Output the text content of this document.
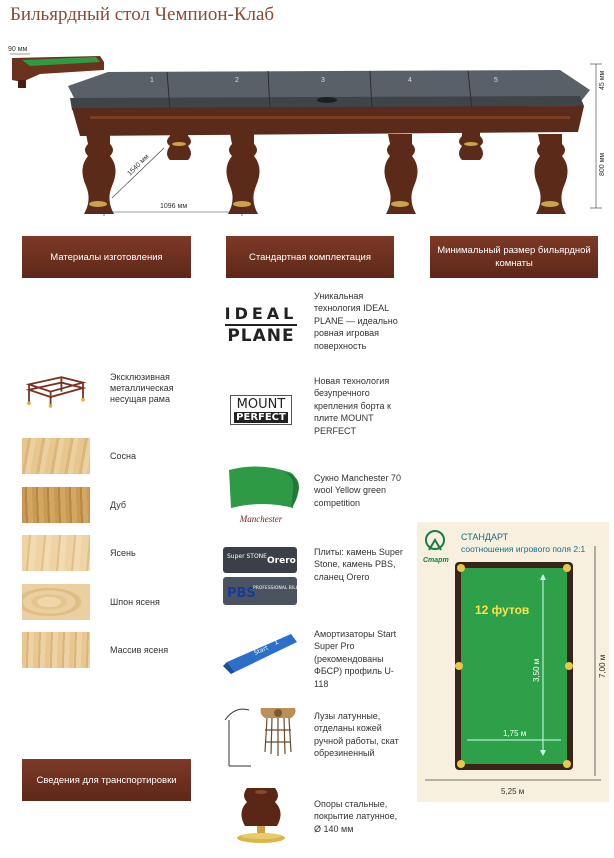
Бильярдный стол Чемпион-Клаб
90 мм
1	2	3	4	5	45 мм
800 мм
1540 мм
1096 мм
Материалы изготовления	Стандартная комплектация
Минимальный размер бильярдной комнаты
Эксклюзивная металлическая несущая рама
Сосна
Дуб
Ясень
Шпон ясеня
Массив ясеня
Сведения для транспортировки
IDEAL
PLANE
Уникальная технология IDEAL PLANE — идеально ровная игровая поверхность
MOUNT
PERFECT
Новая технология безупречного крепления борта к плите MOUNT PERFECT
Manchester
Сукно Manchester 70 wool Yellow green competition
Super STONE Orero
PBS
PROFESSIONAL BILLIARD STONE
Плиты: камень Super Stone, камень PBS, сланец Orero
Start
1
Амортизаторы Start Super Pro (рекомендованы ФБСР) профиль U-118
Лузы латунные, отделаны кожей ручной работы, скат обрезиненный
Опоры стальные, покрытие латунное, Ø 140 мм
Старт
СТАНДАРТ
соотношения игрового поля 2:1
12 футов
3,50 м
1,75 м
5,25 м
7,00 м
